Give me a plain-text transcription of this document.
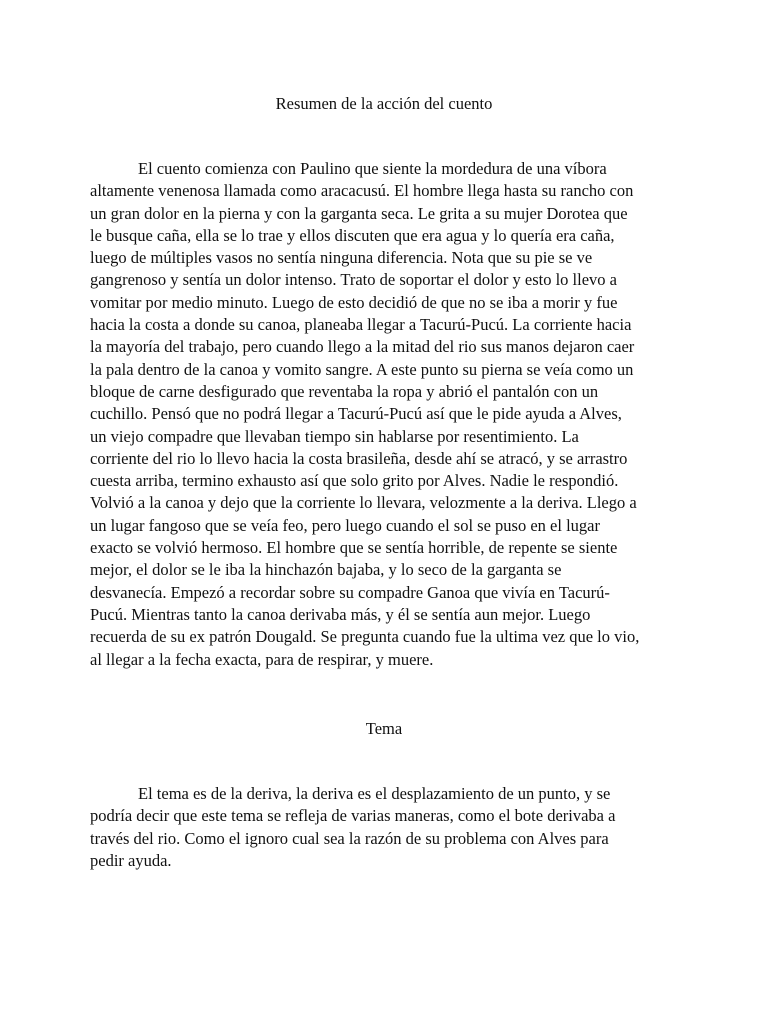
Resumen de la acción del cuento
El cuento comienza con Paulino que siente la mordedura de una víbora
altamente venenosa llamada como aracacusú. El hombre llega hasta su rancho con
un gran dolor en la pierna y con la garganta seca. Le grita a su mujer Dorotea que
le busque caña, ella se lo trae y ellos discuten que era agua y lo quería era caña,
luego de múltiples vasos no sentía ninguna diferencia. Nota que su pie se ve
gangrenoso y sentía un dolor intenso. Trato de soportar el dolor y esto lo llevo a
vomitar por medio minuto. Luego de esto decidió de que no se iba a morir y fue
hacia la costa a donde su canoa, planeaba llegar a Tacurú-Pucú. La corriente hacia
la mayoría del trabajo, pero cuando llego a la mitad del rio sus manos dejaron caer
la pala dentro de la canoa y vomito sangre. A este punto su pierna se veía como un
bloque de carne desfigurado que reventaba la ropa y abrió el pantalón con un
cuchillo. Pensó que no podrá llegar a Tacurú-Pucú así que le pide ayuda a Alves,
un viejo compadre que llevaban tiempo sin hablarse por resentimiento. La
corriente del rio lo llevo hacia la costa brasileña, desde ahí se atracó, y se arrastro
cuesta arriba, termino exhausto así que solo grito por Alves. Nadie le respondió.
Volvió a la canoa y dejo que la corriente lo llevara, velozmente a la deriva. Llego a
un lugar fangoso que se veía feo, pero luego cuando el sol se puso en el lugar
exacto se volvió hermoso. El hombre que se sentía horrible, de repente se siente
mejor, el dolor se le iba la hinchazón bajaba, y lo seco de la garganta se
desvanecía. Empezó a recordar sobre su compadre Ganoa que vivía en Tacurú-
Pucú. Mientras tanto la canoa derivaba más, y él se sentía aun mejor. Luego
recuerda de su ex patrón Dougald. Se pregunta cuando fue la ultima vez que lo vio,
al llegar a la fecha exacta, para de respirar, y muere.
Tema
El tema es de la deriva, la deriva es el desplazamiento de un punto, y se
podría decir que este tema se refleja de varias maneras, como el bote derivaba a
través del rio. Como el ignoro cual sea la razón de su problema con Alves para
pedir ayuda.
